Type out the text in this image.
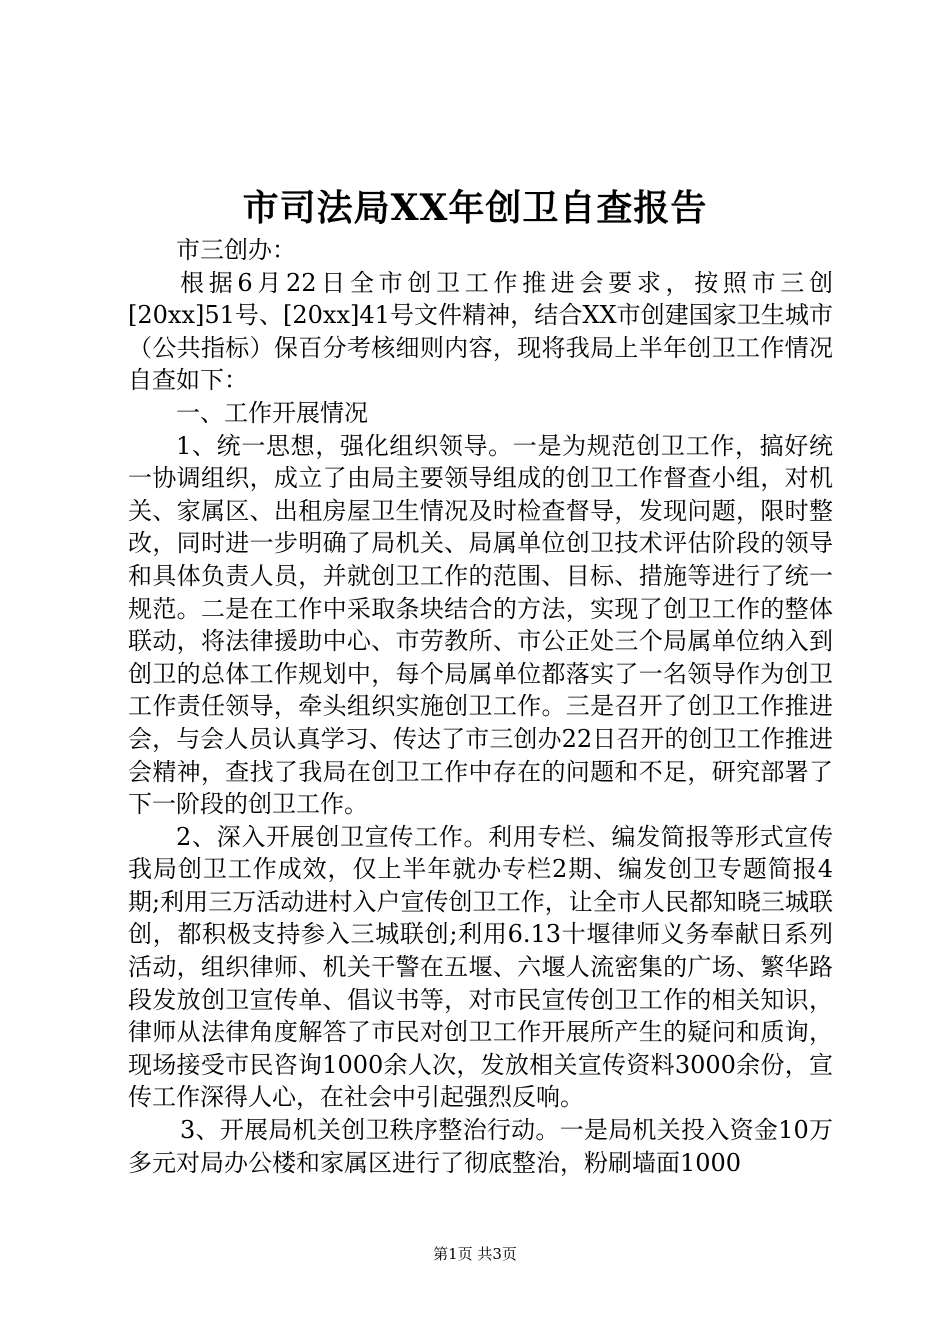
市司法局XX年创卫自查报告

市三创办：

根据6月22日全市创卫工作推进会要求，按照市三创[20xx]51号、[20xx]41号文件精神，结合XX市创建国家卫生城市（公共指标）保百分考核细则内容，现将我局上半年创卫工作情况自查如下：

一、工作开展情况

1、统一思想，强化组织领导。一是为规范创卫工作，搞好统一协调组织，成立了由局主要领导组成的创卫工作督查小组，对机关、家属区、出租房屋卫生情况及时检查督导，发现问题，限时整改，同时进一步明确了局机关、局属单位创卫技术评估阶段的领导和具体负责人员，并就创卫工作的范围、目标、措施等进行了统一规范。二是在工作中采取条块结合的方法，实现了创卫工作的整体联动，将法律援助中心、市劳教所、市公正处三个局属单位纳入到创卫的总体工作规划中，每个局属单位都落实了一名领导作为创卫工作责任领导，牵头组织实施创卫工作。三是召开了创卫工作推进会，与会人员认真学习、传达了市三创办22日召开的创卫工作推进会精神，查找了我局在创卫工作中存在的问题和不足，研究部署了下一阶段的创卫工作。

2、深入开展创卫宣传工作。利用专栏、编发简报等形式宣传我局创卫工作成效，仅上半年就办专栏2期、编发创卫专题简报4期;利用三万活动进村入户宣传创卫工作，让全市人民都知晓三城联创，都积极支持参入三城联创;利用6.13十堰律师义务奉献日系列活动，组织律师、机关干警在五堰、六堰人流密集的广场、繁华路段发放创卫宣传单、倡议书等，对市民宣传创卫工作的相关知识，律师从法律角度解答了市民对创卫工作开展所产生的疑问和质询，现场接受市民咨询1000余人次，发放相关宣传资料3000余份，宣传工作深得人心，在社会中引起强烈反响。

3、开展局机关创卫秩序整治行动。一是局机关投入资金10万多元对局办公楼和家属区进行了彻底整治，粉刷墙面1000

第1页 共3页
